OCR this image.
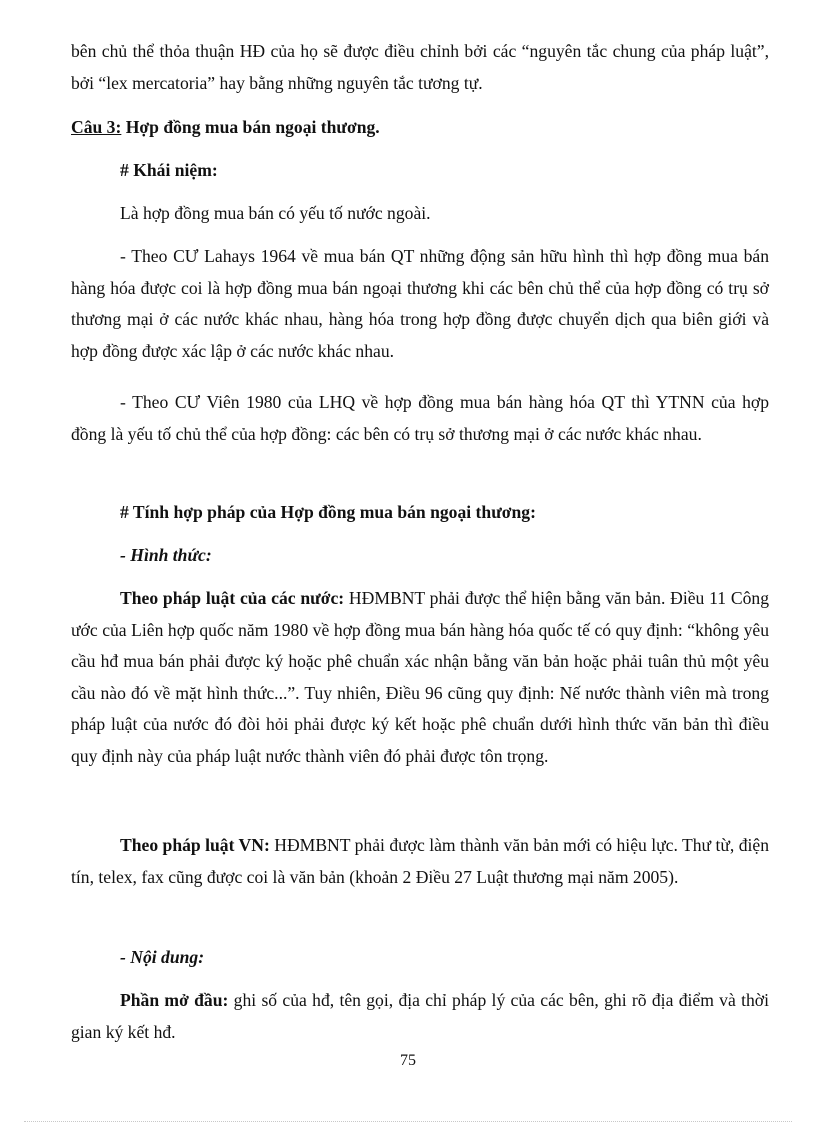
bên chủ thể thỏa thuận HĐ của họ sẽ được điều chỉnh bởi các “nguyên tắc chung của pháp luật”, bởi “lex mercatoria” hay bằng những nguyên tắc tương tự.

Câu 3: Hợp đồng mua bán ngoại thương.

# Khái niệm:

Là hợp đồng mua bán có yếu tố nước ngoài.

- Theo CƯ Lahays 1964 về mua bán QT những động sản hữu hình thì hợp đồng mua bán hàng hóa được coi là hợp đồng mua bán ngoại thương khi các bên chủ thể của hợp đồng có trụ sở thương mại ở các nước khác nhau, hàng hóa trong hợp đồng được chuyển dịch qua biên giới và hợp đồng được xác lập ở các nước khác nhau.

- Theo CƯ Viên 1980 của LHQ về hợp đồng mua bán hàng hóa QT thì YTNN của hợp đồng là yếu tố chủ thể của hợp đồng: các bên có trụ sở thương mại ở các nước khác nhau.

# Tính hợp pháp của Hợp đồng mua bán ngoại thương:

- Hình thức:

Theo pháp luật của các nước: HĐMBNT phải được thể hiện bằng văn bản. Điều 11 Công ước của Liên hợp quốc năm 1980 về hợp đồng mua bán hàng hóa quốc tế có quy định: “không yêu cầu hđ mua bán phải được ký hoặc phê chuẩn xác nhận bằng văn bản hoặc phải tuân thủ một yêu cầu nào đó về mặt hình thức...”. Tuy nhiên, Điều 96 cũng quy định: Nế nước thành viên mà trong pháp luật của nước đó đòi hỏi phải được ký kết hoặc phê chuẩn dưới hình thức văn bản thì điều quy định này của pháp luật nước thành viên đó phải được tôn trọng.

Theo pháp luật VN: HĐMBNT phải được làm thành văn bản mới có hiệu lực. Thư từ, điện tín, telex, fax cũng được coi là văn bản (khoản 2 Điều 27 Luật thương mại năm 2005).

- Nội dung:

Phần mở đầu: ghi số của hđ, tên gọi, địa chỉ pháp lý của các bên, ghi rõ địa điểm và thời gian ký kết hđ.

75
